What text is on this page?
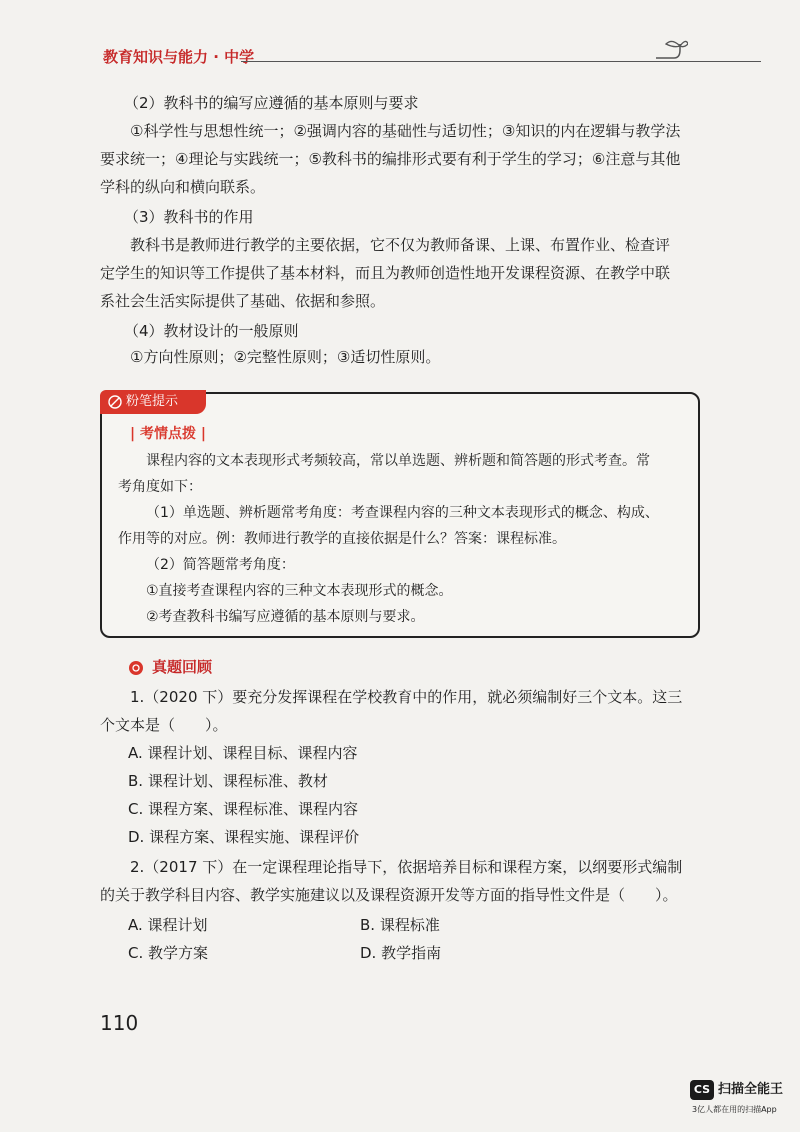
教育知识与能力 · 中学
（2）教科书的编写应遵循的基本原则与要求
①科学性与思想性统一；②强调内容的基础性与适切性；③知识的内在逻辑与教学法
要求统一；④理论与实践统一；⑤教科书的编排形式要有利于学生的学习；⑥注意与其他
学科的纵向和横向联系。
（3）教科书的作用
教科书是教师进行教学的主要依据，它不仅为教师备课、上课、布置作业、检查评
定学生的知识等工作提供了基本材料，而且为教师创造性地开发课程资源、在教学中联
系社会生活实际提供了基础、依据和参照。
（4）教材设计的一般原则
①方向性原则；②完整性原则；③适切性原则。
粉笔提示
| 考情点拨 |
课程内容的文本表现形式考频较高，常以单选题、辨析题和简答题的形式考查。常
考角度如下：
（1）单选题、辨析题常考角度：考查课程内容的三种文本表现形式的概念、构成、
作用等的对应。例：教师进行教学的直接依据是什么？答案：课程标准。
（2）简答题常考角度：
①直接考查课程内容的三种文本表现形式的概念。
②考查教科书编写应遵循的基本原则与要求。
真题回顾
1.（2020 下）要充分发挥课程在学校教育中的作用，就必须编制好三个文本。这三
个文本是（　　）。
A. 课程计划、课程目标、课程内容
B. 课程计划、课程标准、教材
C. 课程方案、课程标准、课程内容
D. 课程方案、课程实施、课程评价
2.（2017 下）在一定课程理论指导下，依据培养目标和课程方案，以纲要形式编制
的关于教学科目内容、教学实施建议以及课程资源开发等方面的指导性文件是（　　）。
A. 课程计划	B. 课程标准
C. 教学方案	D. 教学指南
110
CS 扫描全能王
3亿人都在用的扫描App
